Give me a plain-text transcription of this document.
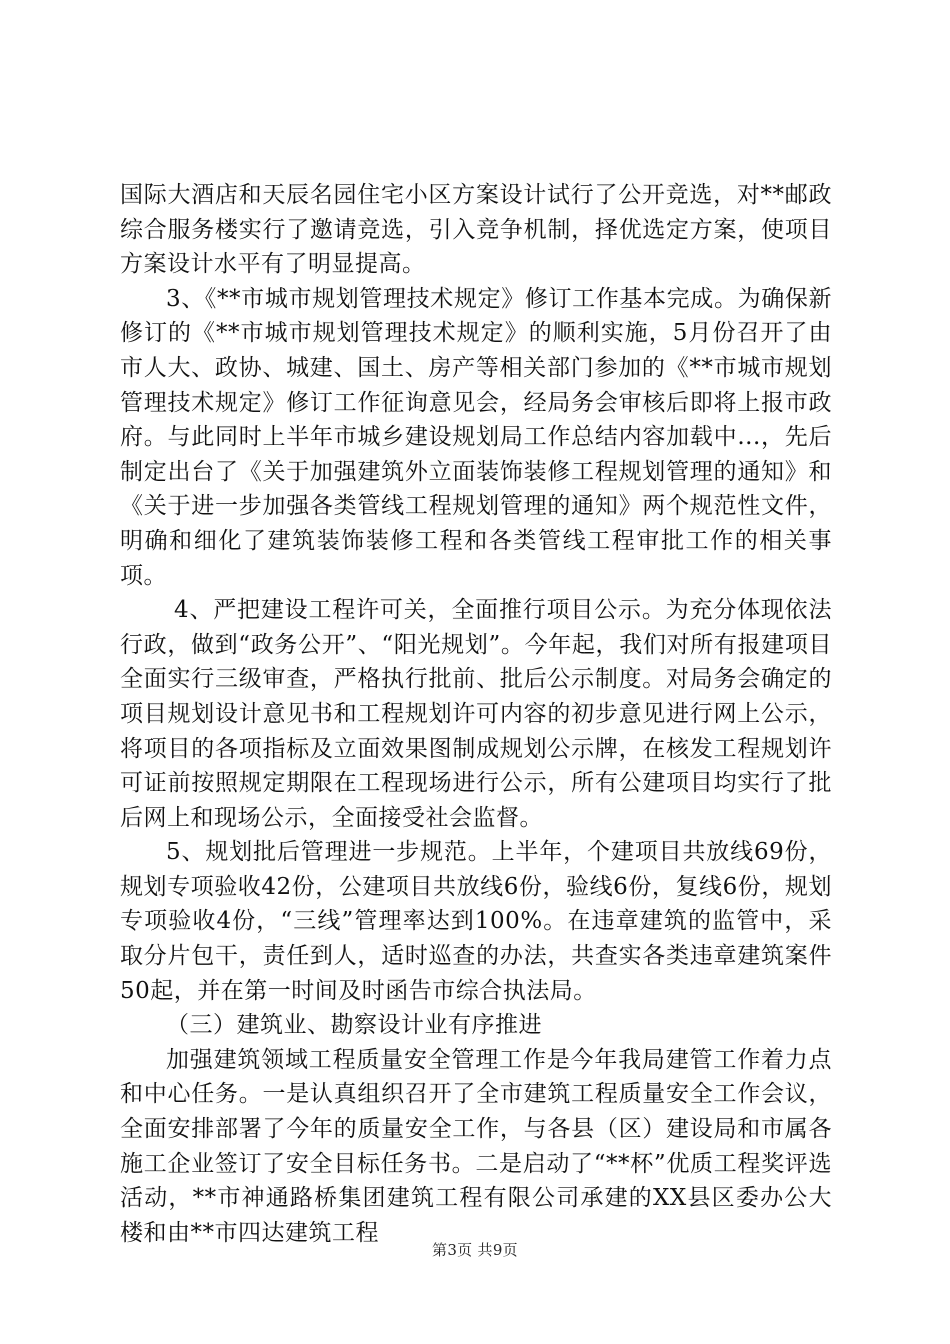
国际大酒店和天辰名园住宅小区方案设计试行了公开竞选，对**邮政综合服务楼实行了邀请竞选，引入竞争机制，择优选定方案，使项目方案设计水平有了明显提高。

3、《**市城市规划管理技术规定》修订工作基本完成。为确保新修订的《**市城市规划管理技术规定》的顺利实施，5月份召开了由市人大、政协、城建、国土、房产等相关部门参加的《**市城市规划管理技术规定》修订工作征询意见会，经局务会审核后即将上报市政府。与此同时上半年市城乡建设规划局工作总结内容加载中...，先后制定出台了《关于加强建筑外立面装饰装修工程规划管理的通知》和《关于进一步加强各类管线工程规划管理的通知》两个规范性文件，明确和细化了建筑装饰装修工程和各类管线工程审批工作的相关事项。

4、严把建设工程许可关，全面推行项目公示。为充分体现依法行政，做到“政务公开”、“阳光规划”。今年起，我们对所有报建项目全面实行三级审查，严格执行批前、批后公示制度。对局务会确定的项目规划设计意见书和工程规划许可内容的初步意见进行网上公示，将项目的各项指标及立面效果图制成规划公示牌，在核发工程规划许可证前按照规定期限在工程现场进行公示，所有公建项目均实行了批后网上和现场公示，全面接受社会监督。

5、规划批后管理进一步规范。上半年，个建项目共放线69份，规划专项验收42份，公建项目共放线6份，验线6份，复线6份，规划专项验收4份，“三线”管理率达到100%。在违章建筑的监管中，采取分片包干，责任到人，适时巡查的办法，共查实各类违章建筑案件50起，并在第一时间及时函告市综合执法局。

（三）建筑业、勘察设计业有序推进

加强建筑领域工程质量安全管理工作是今年我局建管工作着力点和中心任务。一是认真组织召开了全市建筑工程质量安全工作会议，全面安排部署了今年的质量安全工作，与各县（区）建设局和市属各施工企业签订了安全目标任务书。二是启动了“**杯”优质工程奖评选活动，**市神通路桥集团建筑工程有限公司承建的XX县区委办公大楼和由**市四达建筑工程

第3页 共9页
